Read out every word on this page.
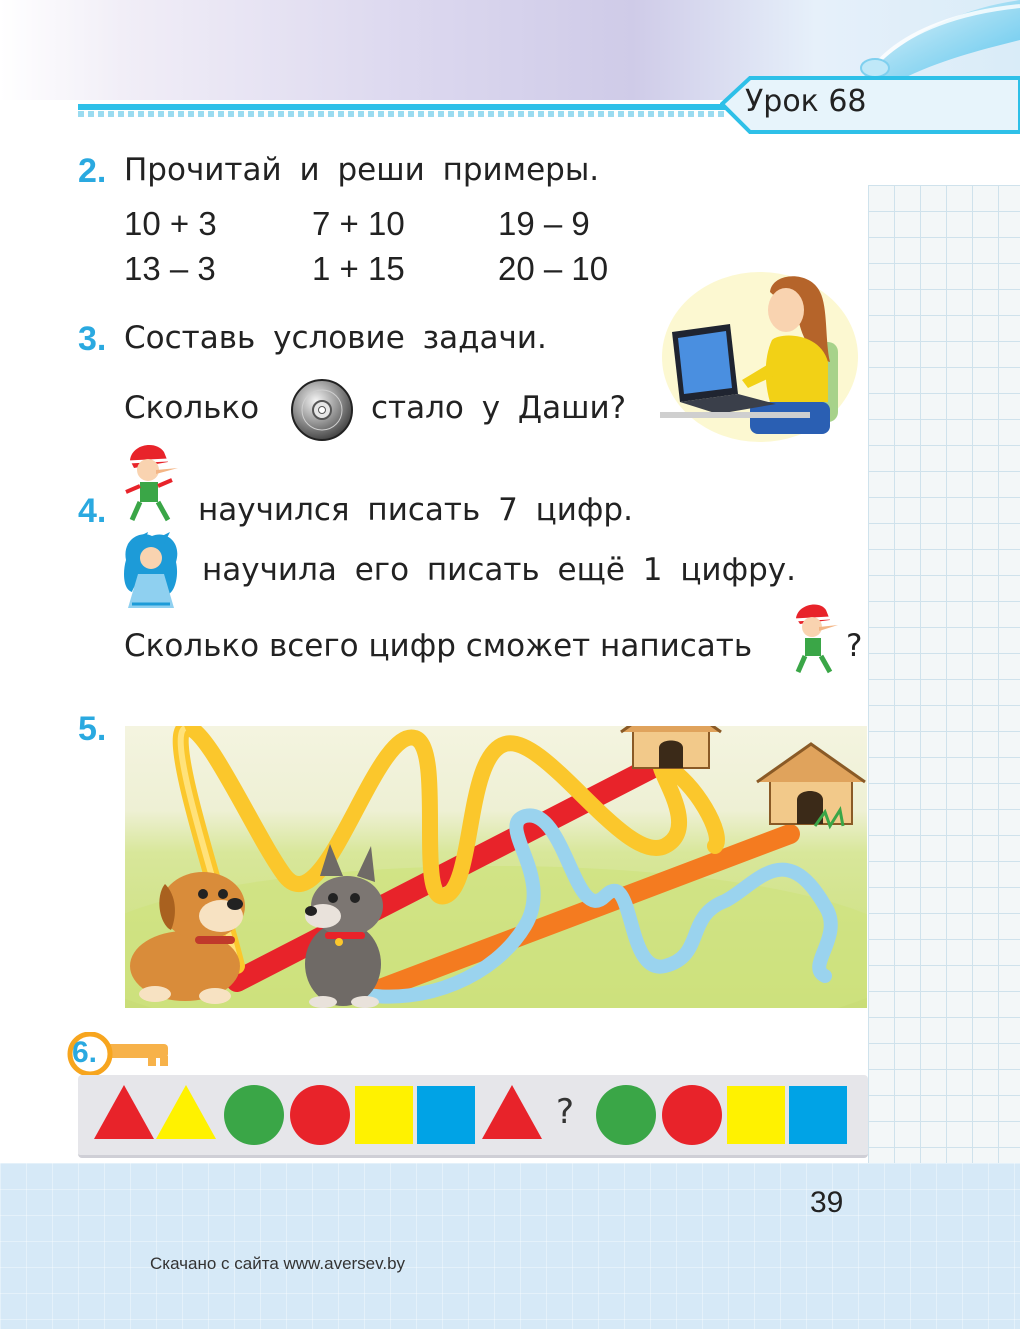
Урок 68
2. Прочитай и реши примеры.
10 + 3	7 + 10	19 – 9
13 – 3	1 + 15	20 – 10
3. Составь условие задачи.
Сколько	стало у Даши?
4.	научился писать 7 цифр.
научила его писать ещё 1 цифру.
Сколько всего цифр сможет написать	?
5.
6.
?
39
Скачано с сайта www.aversev.by
